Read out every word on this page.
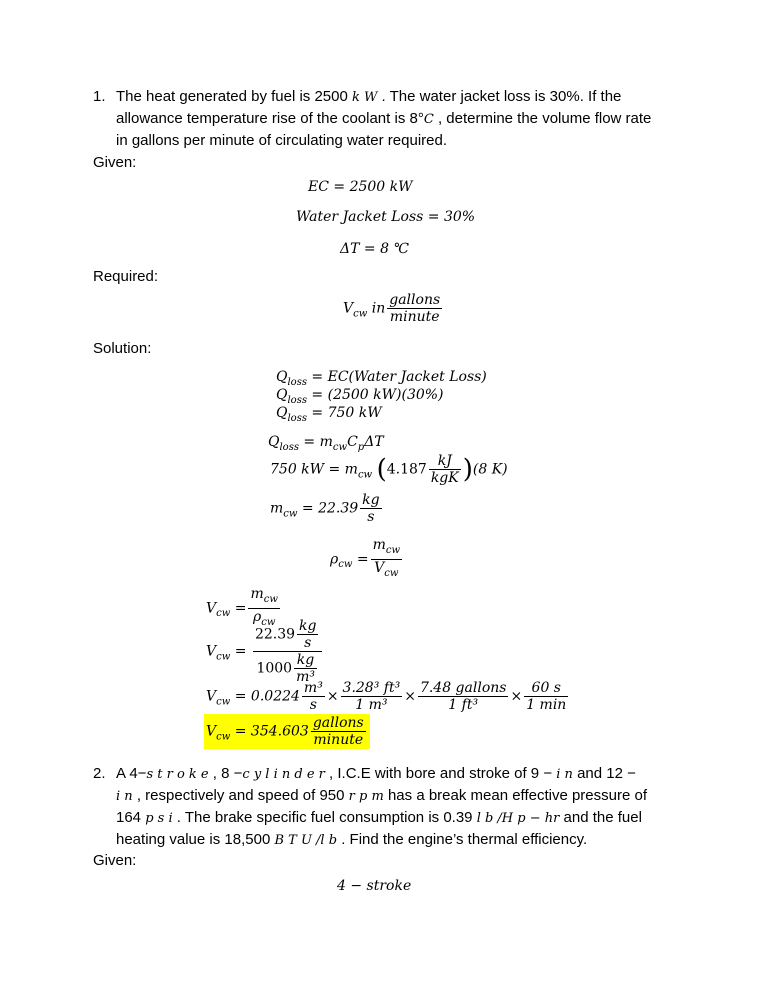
1. The heat generated by fuel is 2500 k W . The water jacket loss is 30%. If the
allowance temperature rise of the coolant is 8°C , determine the volume flow rate
in gallons per minute of circulating water required.
Given:
EC = 2500 kW
Water Jacket Loss = 30%
ΔT = 8 ℃
Required:
$V_{cw}$ in $\frac{\text{gallons}}{\text{minute}}$
Solution:
$Q_{loss}$ = EC(Water Jacket Loss)
$Q_{loss} = (2500$ kW)(30%)
$Q_{loss} = 750$ kW
$Q_{loss} = m_{cw}C_p\Delta T$
750 kW = $m_{cw}$ $(4.187 \frac{kJ}{\text{kgK}} )(8$ K)
$m_{cw} = 22.39 \frac{kg}{s}$
$\rho_{cw} = \frac{m_{cw}}{V_{cw}}$
$V_{cw} = \frac{m_{cw}}{\rho_{cw}}$
$V_{cw} = \frac{22.39 \frac{kg}{s}}{1000 \frac{kg}{\text{m³}}}$
$V_{cw} = 0.0224 \frac{\text{m³}}{s} \times \frac{\text{3.28³ ft³}}{\text{1 m³}} \times \frac{\text{7.48 gallons}}{\text{1 ft³}} \times \frac{60 s}{1 \min}$
$V_{cw} = 354.603 \frac{\text{gallons}}{\text{minute}}$
2. A 4−s t r o k e , 8 −c y l i n d e r , I.C.E with bore and stroke of 9 − i n and 12 −
i n , respectively and speed of 950 r p m has a break mean effective pressure of
164 p s i . The brake specific fuel consumption is 0.39 l b /H p − hr and the fuel
heating value is 18,500 B T U /l b . Find the engine’s thermal efficiency.
Given:
4 − stroke
